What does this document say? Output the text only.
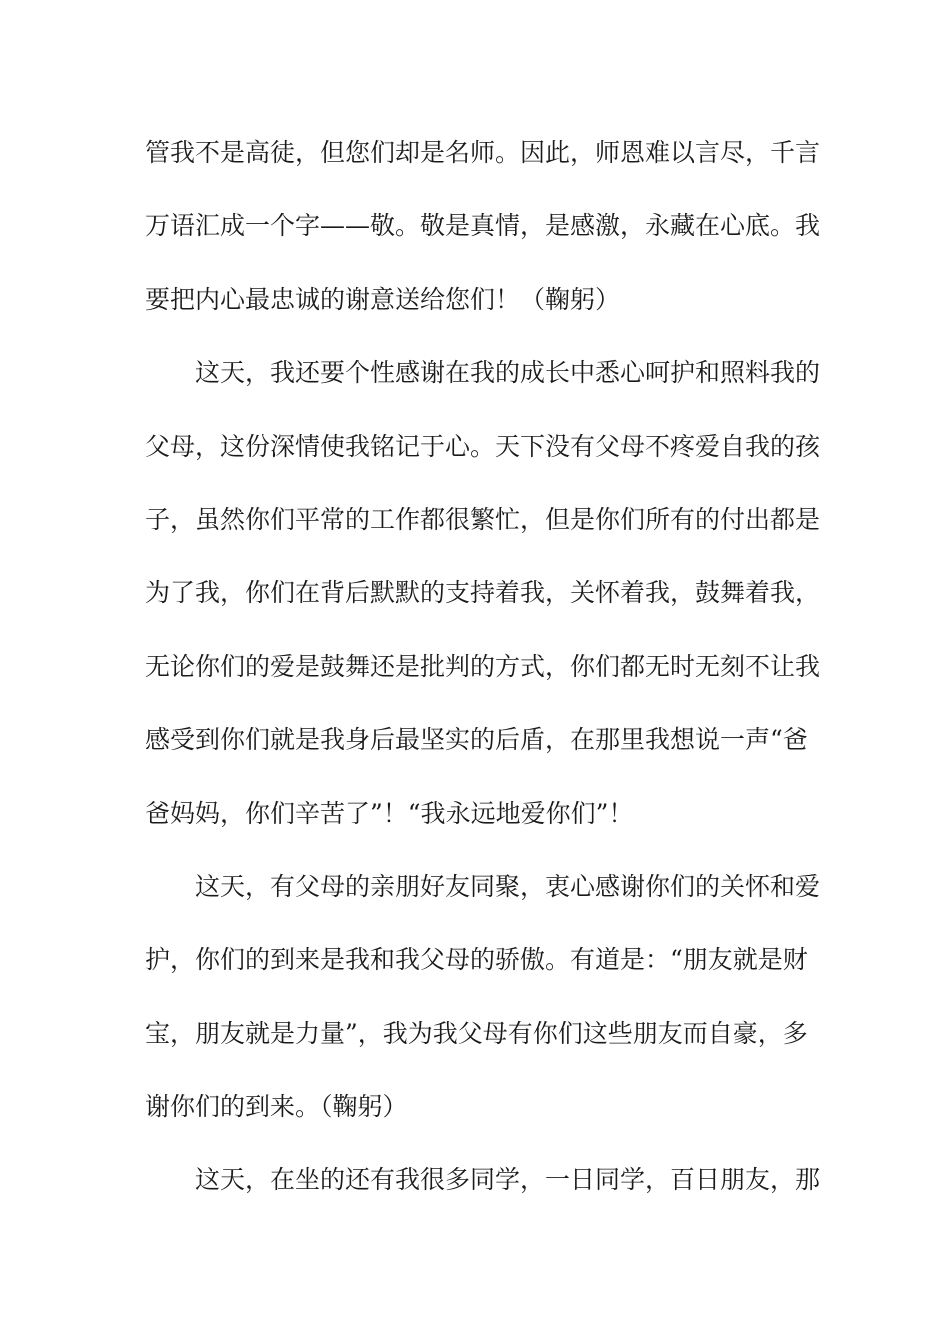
管我不是高徒，但您们却是名师。因此，师恩难以言尽，千言
万语汇成一个字——敬。敬是真情，是感激，永藏在心底。我
要把内心最忠诚的谢意送给您们！（鞠躬）
这天，我还要个性感谢在我的成长中悉心呵护和照料我的
父母，这份深情使我铭记于心。天下没有父母不疼爱自我的孩
子，虽然你们平常的工作都很繁忙，但是你们所有的付出都是
为了我，你们在背后默默的支持着我，关怀着我，鼓舞着我，
无论你们的爱是鼓舞还是批判的方式，你们都无时无刻不让我
感受到你们就是我身后最坚实的后盾，在那里我想说一声“爸
爸妈妈，你们辛苦了”！“我永远地爱你们”！
这天，有父母的亲朋好友同聚，衷心感谢你们的关怀和爱
护，你们的到来是我和我父母的骄傲。有道是：“朋友就是财
宝，朋友就是力量”，我为我父母有你们这些朋友而自豪，多
谢你们的到来。（鞠躬）
这天，在坐的还有我很多同学，一日同学，百日朋友，那
